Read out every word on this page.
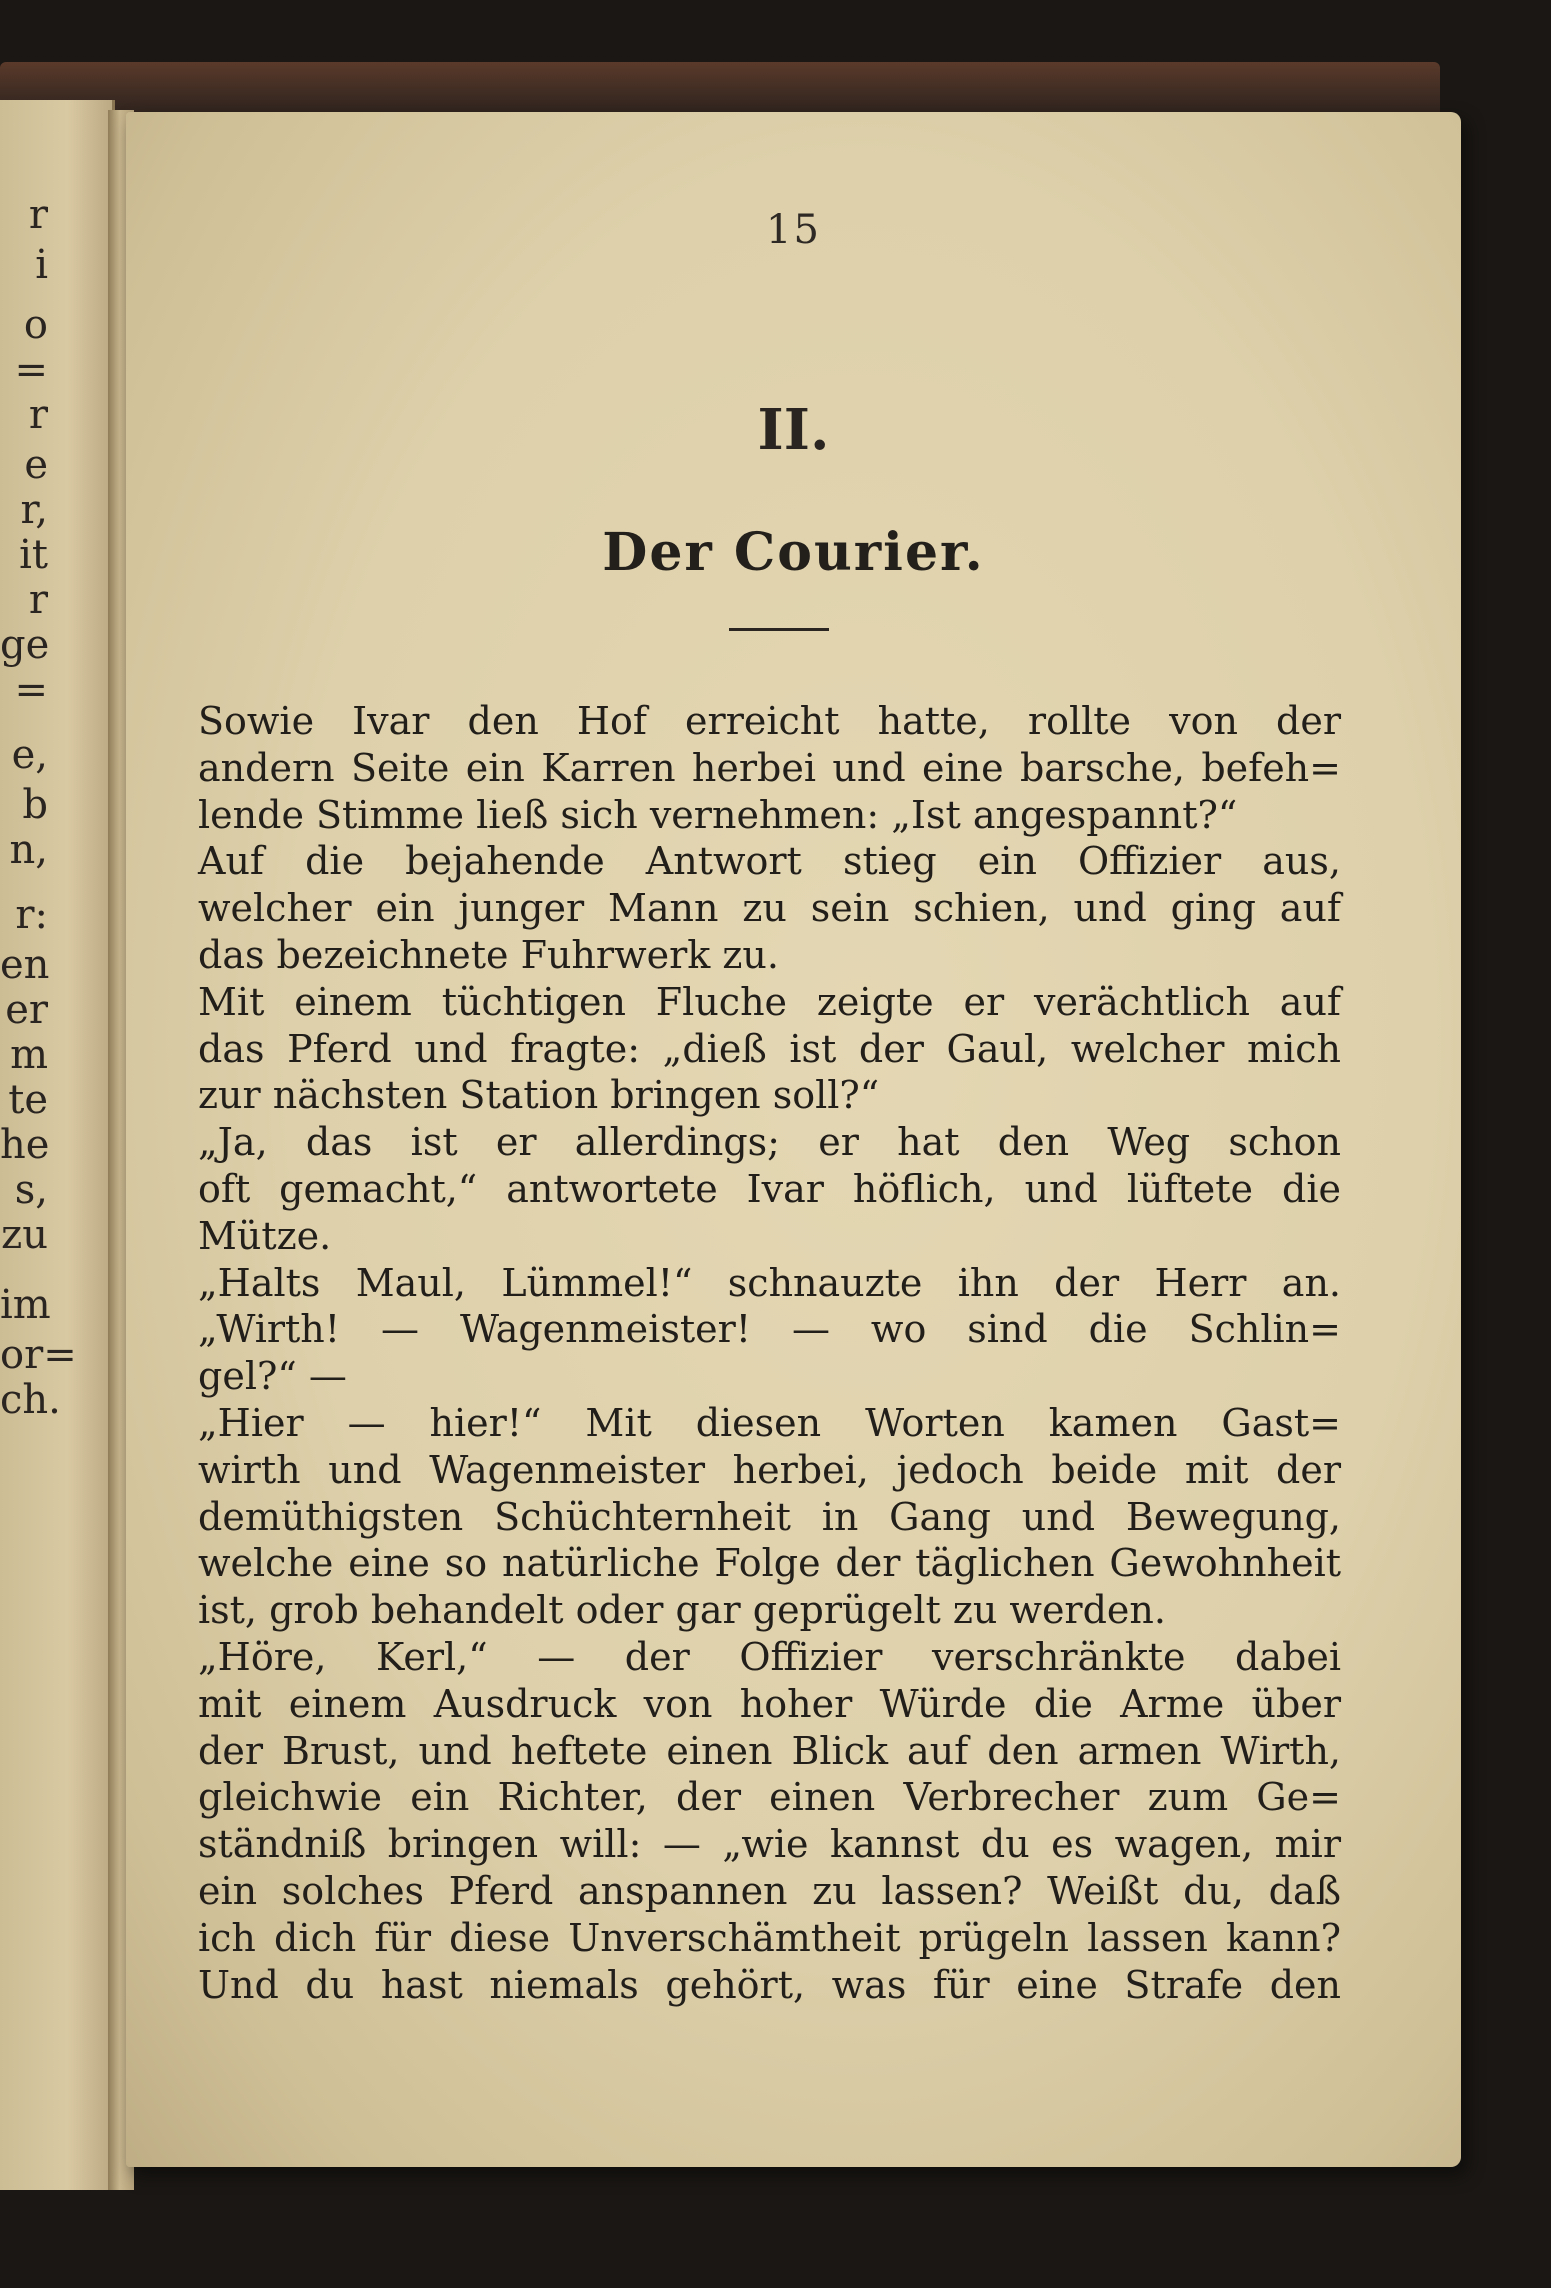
r
i
o
=
r
e
r,
it
r
ge
=
e,
b
n,
r:
en
er
m
te
he
s,
zu
im
or=
ch.
15
II.
Der Courier.
Sowie Ivar den Hof erreicht hatte, rollte von der
andern Seite ein Karren herbei und eine barsche, befeh=
lende Stimme ließ sich vernehmen: „Ist angespannt?“
Auf die bejahende Antwort stieg ein Offizier aus,
welcher ein junger Mann zu sein schien, und ging auf
das bezeichnete Fuhrwerk zu.
Mit einem tüchtigen Fluche zeigte er verächtlich auf
das Pferd und fragte: „dieß ist der Gaul, welcher mich
zur nächsten Station bringen soll?“
„Ja, das ist er allerdings; er hat den Weg schon
oft gemacht,“ antwortete Ivar höflich, und lüftete die
Mütze.
„Halts Maul, Lümmel!“ schnauzte ihn der Herr an.
„Wirth! — Wagenmeister! — wo sind die Schlin=
gel?“ —
„Hier — hier!“ Mit diesen Worten kamen Gast=
wirth und Wagenmeister herbei, jedoch beide mit der
demüthigsten Schüchternheit in Gang und Bewegung,
welche eine so natürliche Folge der täglichen Gewohnheit
ist, grob behandelt oder gar geprügelt zu werden.
„Höre, Kerl,“ — der Offizier verschränkte dabei
mit einem Ausdruck von hoher Würde die Arme über
der Brust, und heftete einen Blick auf den armen Wirth,
gleichwie ein Richter, der einen Verbrecher zum Ge=
ständniß bringen will: — „wie kannst du es wagen, mir
ein solches Pferd anspannen zu lassen? Weißt du, daß
ich dich für diese Unverschämtheit prügeln lassen kann?
Und du hast niemals gehört, was für eine Strafe den
